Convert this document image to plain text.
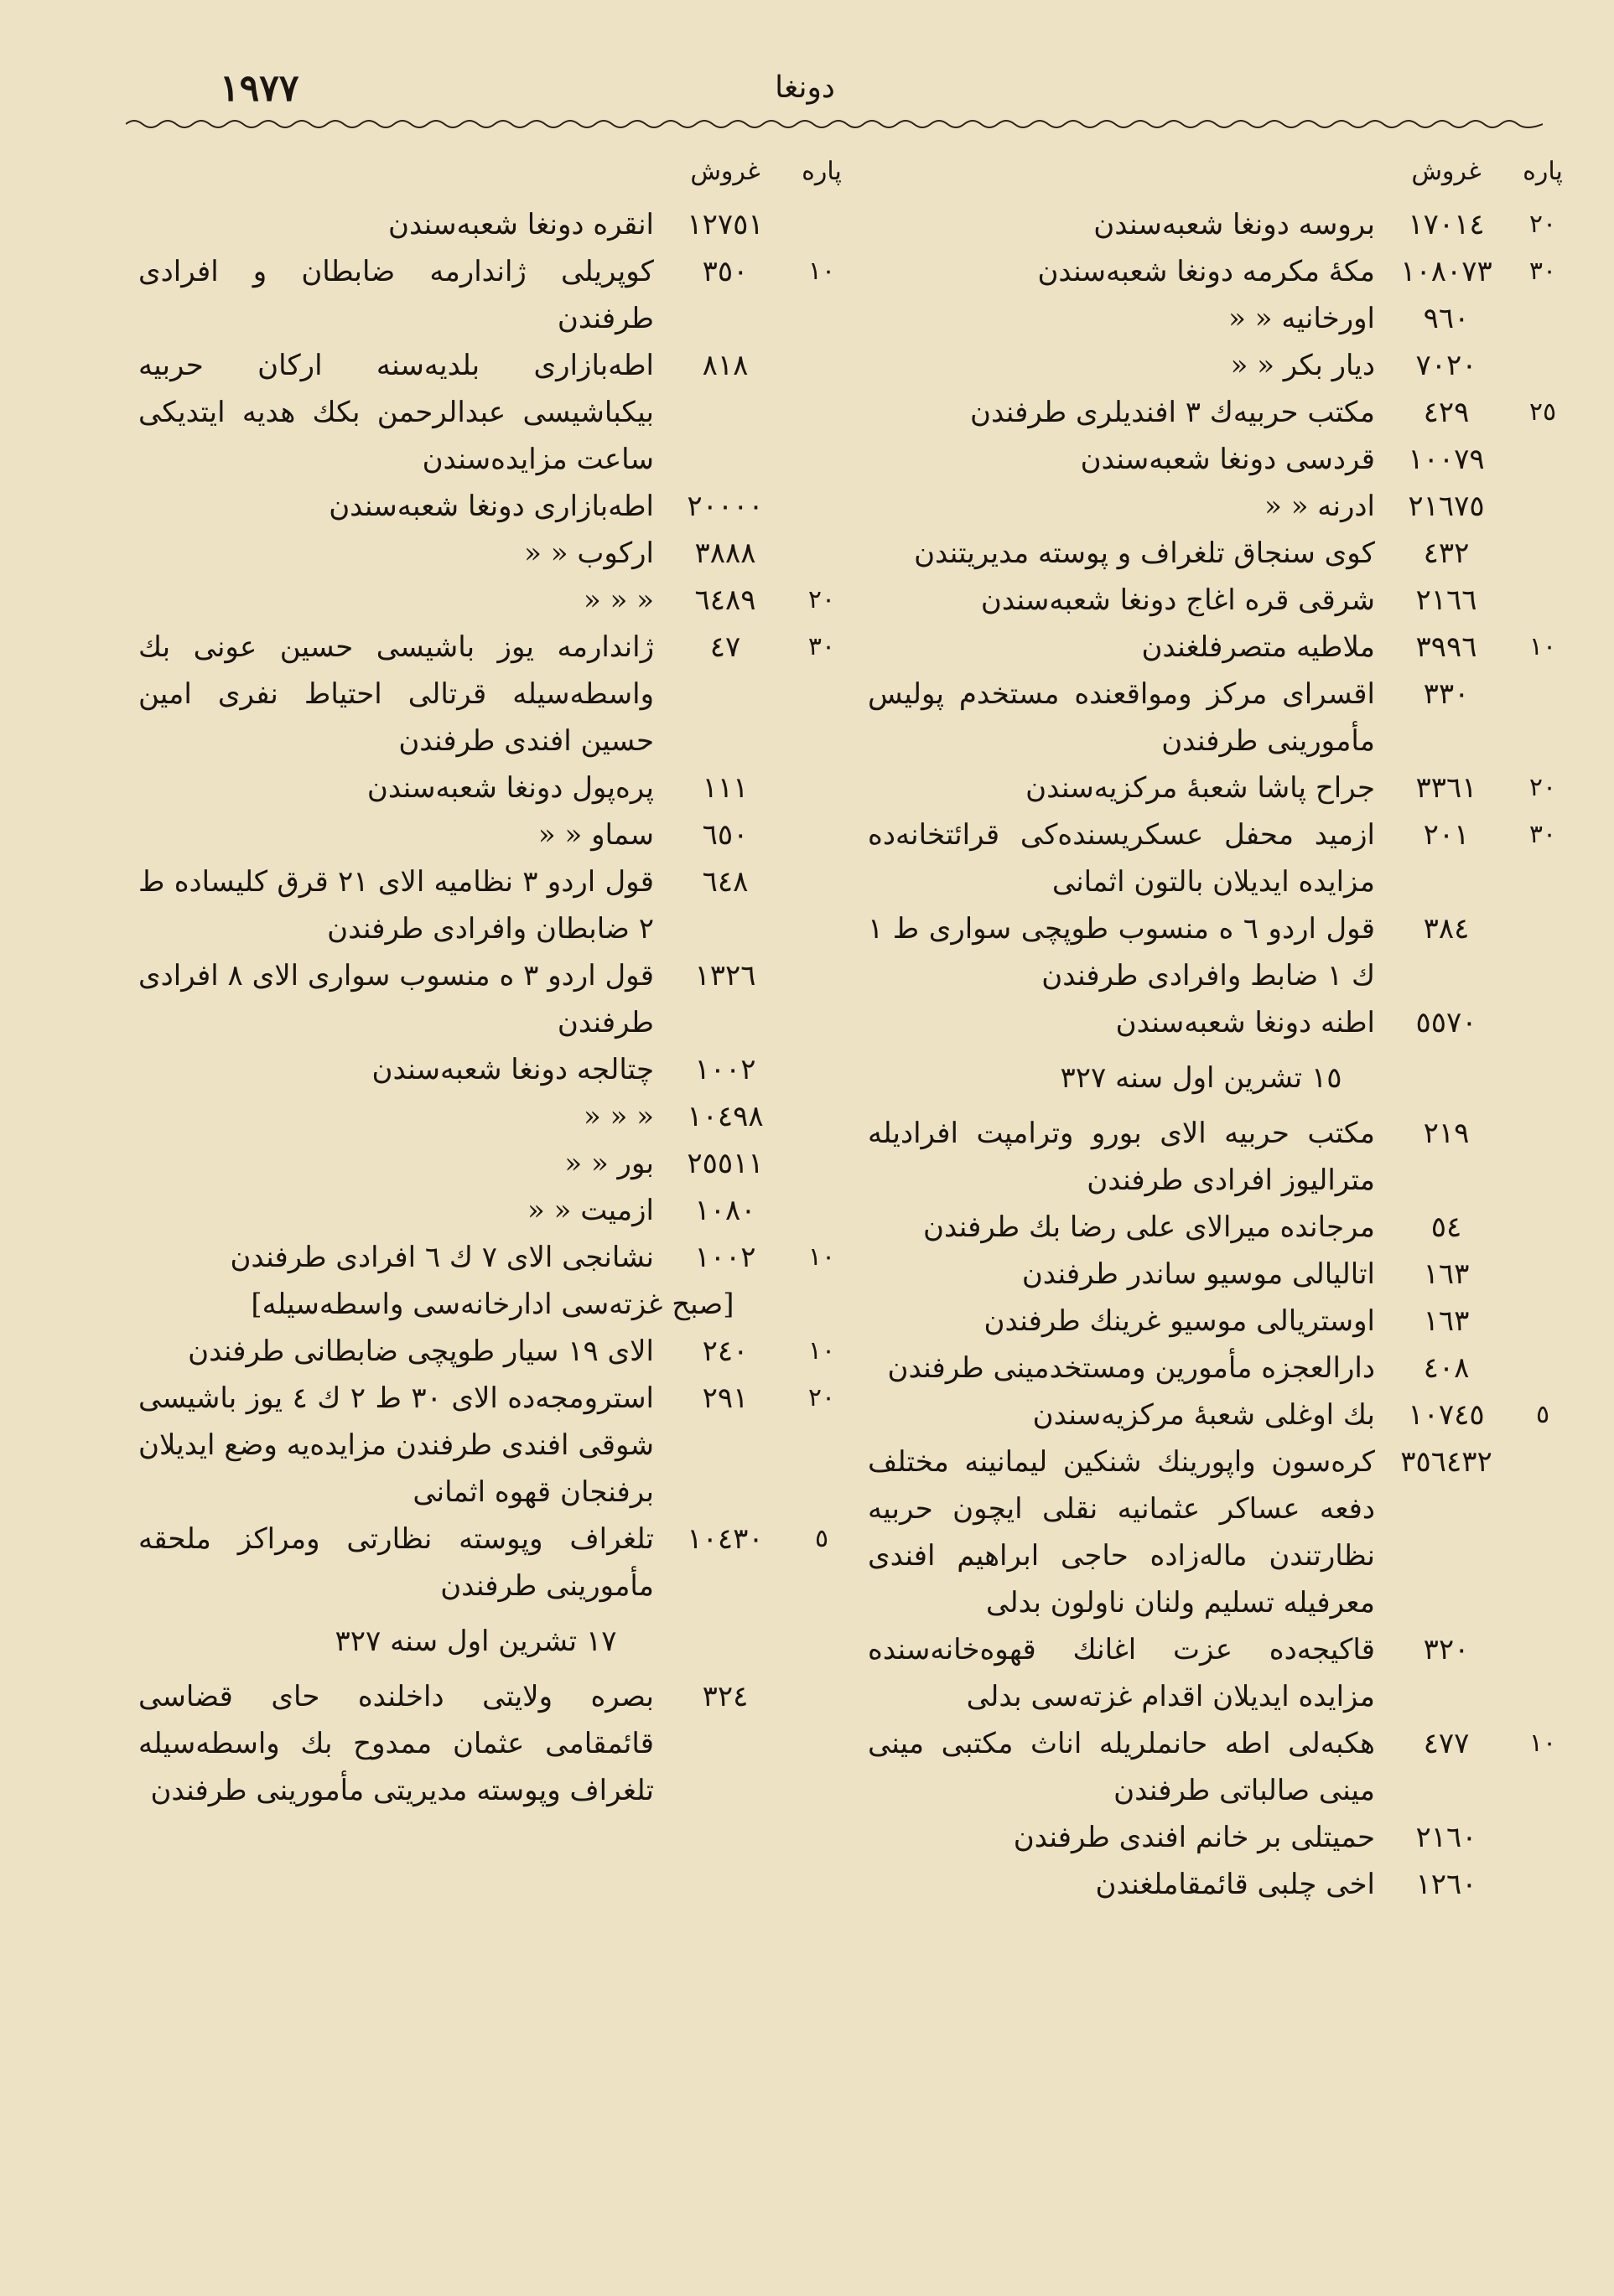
١٩٧٧	دونغا
پاره
غروش
٢٠
١٧٠١٤
بروسه دونغا شعبه‌سندن
٣٠
١٠٨٠٧٣
مكهٔ مكرمه دونغا شعبه‌سندن
٩٦٠
اورخانیه « «
٧٠٢٠
دیار بكر « «
٢٥
٤٢٩
مكتب حربیه‌ك ٣ افندیلری طرفندن
١٠٠٧٩
قردسی دونغا شعبه‌سندن
٢١٦٧٥
ادرنه « «
٤٣٢
كوی سنجاق تلغراف و پوسته مدیریتندن
٢١٦٦
شرقی قره اغاج دونغا شعبه‌سندن
١٠
٣٩٩٦
ملاطیه متصرفلغندن
٣٣٠
اقسرای مركز ومواقعنده مستخدم پولیس مأمورینی طرفندن
٢٠
٣٣٦١
جراح پاشا شعبهٔ مركزیه‌سندن
٣٠
٢٠١
ازمید محفل عسكریسنده‌كی قرائتخانه‌ده مزایده ایدیلان بالتون اثمانی
٣٨٤
قول اردو ٦ ه منسوب طوپچی سواری ط ١ ك ١ ضابط وافرادی طرفندن
٥٥٧٠
اطنه دونغا شعبه‌سندن
١٥ تشرین اول سنه ٣٢٧
٢١٩
مكتب حربیه الای بورو وترامپت افرادیله مترالیوز افرادی طرفندن
٥٤
مرجانده میرالای علی رضا بك طرفندن
١٦٣
اتالیالی موسیو ساندر طرفندن
١٦٣
اوستریالی موسیو غرینك طرفندن
٤٠٨
دارالعجزه مأمورین ومستخدمینی طرفندن
٥
١٠٧٤٥
بك اوغلی شعبهٔ مركزیه‌سندن
٣٥٦٤٣٢
كره‌سون واپورینك شنكین لیمانینه مختلف دفعه عساكر عثمانیه نقلی ایچون حربیه نظارتندن ماله‌زاده حاجی ابراهیم افندی معرفیله تسلیم ولنان ناولون بدلی
٣٢٠
قاكیجه‌ده عزت اغانك قهوه‌خانه‌سنده مزایده ایدیلان اقدام غزته‌سی بدلی
١٠
٤٧٧
هكبه‌لی اطه حانملریله اناث مكتبی مینی مینی صالباتی طرفندن
٢١٦٠
حمیتلی بر خانم افندی طرفندن
١٢٦٠
اخی چلبی قائمقاملغندن
پاره
غروش
١٢٧٥١
انقره دونغا شعبه‌سندن
١٠
٣٥٠
كوپریلی ژاندارمه ضابطان و افرادی طرفندن
٨١٨
اطه‌بازاری بلدیه‌سنه اركان حربیه بیكباشیسی عبدالرحمن بكك هدیه ایتدیكی ساعت مزایده‌سندن
٢٠٠٠٠
اطه‌بازاری دونغا شعبه‌سندن
٣٨٨٨
اركوب « «
٢٠
٦٤٨٩
« « «
٣٠
٤٧
ژاندارمه یوز باشیسی حسین عونی بك واسطه‌سیله قرتالی احتیاط نفری امین حسین افندی طرفندن
١١١
پره‌پول دونغا شعبه‌سندن
٦٥٠
سماو « «
٦٤٨
قول اردو ٣ نظامیه الای ٢١ قرق كلیساده ط ٢ ضابطان وافرادی طرفندن
١٣٢٦
قول اردو ٣ ه منسوب سواری الای ٨ افرادی طرفندن
١٠٠٢
چتالجه دونغا شعبه‌سندن
١٠٤٩٨
« « «
٢٥٥١١
بور « «
١٠٨٠
ازمیت « «
١٠
١٠٠٢
نشانجی الای ٧ ك ٦ افرادی طرفندن
[صبح غزته‌سی ادارخانه‌سی واسطه‌سیله]
١٠
٢٤٠
الای ١٩ سیار طوپچی ضابطانی طرفندن
٢٠
٢٩١
استرومجه‌ده الای ٣٠ ط ٢ ك ٤ یوز باشیسی شوقی افندی طرفندن مزایده‌یه وضع ایدیلان برفنجان قهوه اثمانی
٥
١٠٤٣٠
تلغراف وپوسته نظارتی ومراكز ملحقه مأمورینی طرفندن
١٧ تشرین اول سنه ٣٢٧
٣٢٤
بصره ولایتی داخلنده حای قضاسی قائمقامی عثمان ممدوح بك واسطه‌سیله تلغراف وپوسته مدیریتی مأمورینی طرفندن
